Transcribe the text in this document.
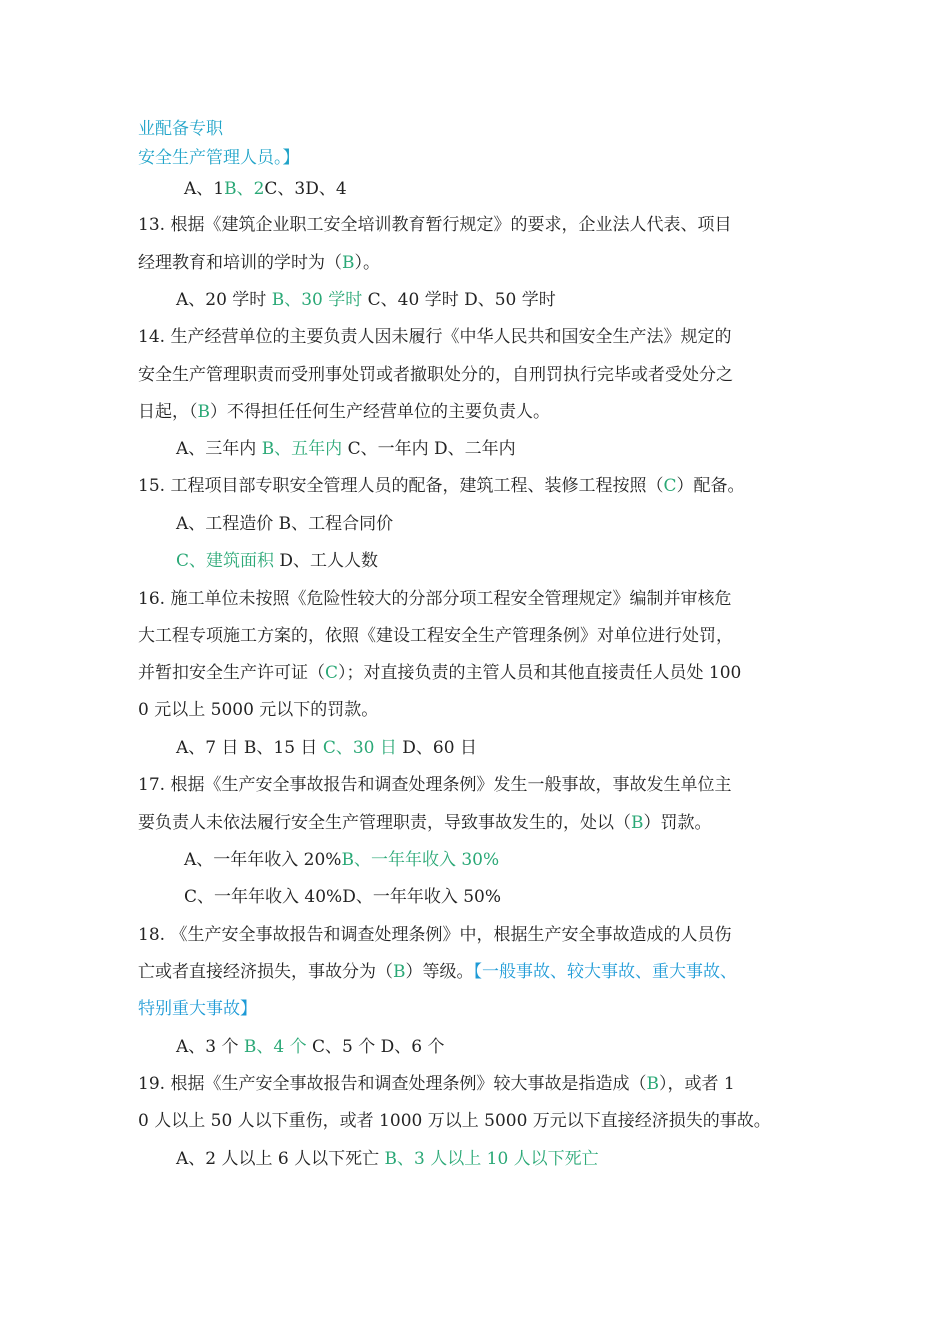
业配备专职
安全生产管理人员。】
A、1B、2C、3D、4
13. 根据《建筑企业职工安全培训教育暂行规定》的要求，企业法人代表、项目
经理教育和培训的学时为（B）。
A、20 学时 B、30 学时 C、40 学时 D、50 学时
14. 生产经营单位的主要负责人因未履行《中华人民共和国安全生产法》规定的
安全生产管理职责而受刑事处罚或者撤职处分的，自刑罚执行完毕或者受处分之
日起，（B）不得担任任何生产经营单位的主要负责人。
A、三年内 B、五年内 C、一年内 D、二年内
15. 工程项目部专职安全管理人员的配备，建筑工程、装修工程按照（C）配备。
A、工程造价 B、工程合同价
C、建筑面积 D、工人人数
16. 施工单位未按照《危险性较大的分部分项工程安全管理规定》编制并审核危
大工程专项施工方案的，依照《建设工程安全生产管理条例》对单位进行处罚，
并暂扣安全生产许可证（C）；对直接负责的主管人员和其他直接责任人员处 100
0 元以上 5000 元以下的罚款。
A、7 日 B、15 日 C、30 日 D、60 日
17. 根据《生产安全事故报告和调查处理条例》发生一般事故，事故发生单位主
要负责人未依法履行安全生产管理职责，导致事故发生的，处以（B）罚款。
A、一年年收入 20%B、一年年收入 30%
C、一年年收入 40%D、一年年收入 50%
18. 《生产安全事故报告和调查处理条例》中，根据生产安全事故造成的人员伤
亡或者直接经济损失，事故分为（B）等级。【一般事故、较大事故、重大事故、
特别重大事故】
A、3 个 B、4 个 C、5 个 D、6 个
19. 根据《生产安全事故报告和调查处理条例》较大事故是指造成（B），或者 1
0 人以上 50 人以下重伤，或者 1000 万以上 5000 万元以下直接经济损失的事故。
A、2 人以上 6 人以下死亡 B、3 人以上 10 人以下死亡
